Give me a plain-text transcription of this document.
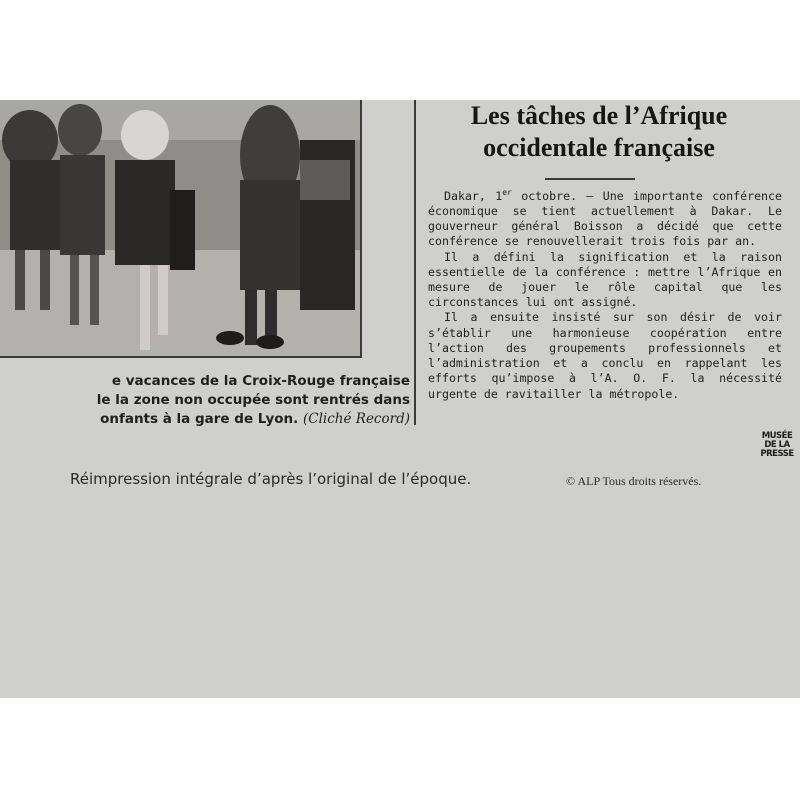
e vacances de la Croix-Rouge française
le la zone non occupée sont rentrés dans
onfants à la gare de Lyon. (Cliché Record)
Les tâches de l’Afrique
occidentale française

Dakar, 1er octobre. — Une importante conférence économique se tient actuellement à Dakar. Le gouverneur général Boisson a décidé que cette conférence se renouvellerait trois fois par an.

Il a défini la signification et la raison essentielle de la conférence : mettre l’Afrique en mesure de jouer le rôle capital que les circonstances lui ont assigné.

Il a ensuite insisté sur son désir de voir s’établir une harmonieuse coopération entre l’action des groupements professionnels et l’administration et a conclu en rappelant les efforts qu’impose à l’A. O. F. la nécessité urgente de ravitailler la métropole.

MUSÉE
DE LA
PRESSE
Réimpression intégrale d’après l’original de l’époque.	© ALP Tous droits réservés.
